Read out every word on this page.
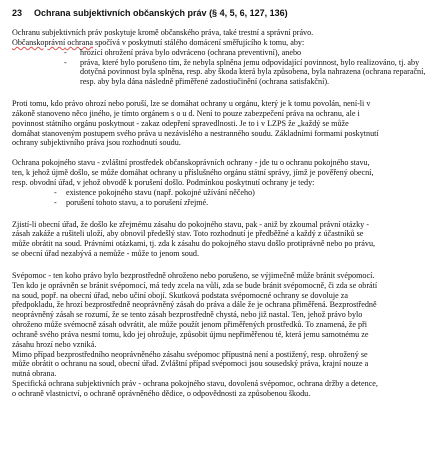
23 Ochrana subjektivních občanských práv (§ 4, 5, 6, 127, 136)

Ochranu subjektivních práv poskytuje kromě občanského práva, také trestní a správní právo.

Občanskoprávní ochrana spočívá v poskytnutí stálého domácení směřujícího k tomu, aby:

- hrozící ohrožení práva bylo odvráceno (ochrana preventivní), anebo
- práva, které bylo porušeno tím, že nebyla splněna jemu odpovídající povinnost, bylo realizováno, tj. aby dotyčná povinnost byla splněna, resp. aby škoda která byla způsobena, byla nahrazena (ochrana reparační, resp. aby byla dána následně přiměřené zadostiučinění (ochrana satisfakční).

Proti tomu, kdo právo ohrozí nebo poruší, lze se domáhat ochrany u orgánu, který je k tomu povolán, není-li v

zákoně stanoveno něco jiného, je tímto orgánem s o u d. Není to pouze zabezpečení práva na ochranu, ale i

povinnost státního orgánu poskytnout - zakaz odepření spravedlnosti. Je to i v LZPS že „každý se může

domáhat stanoveným postupem svého práva u nezávislého a nestranného soudu. Základními formami poskytnutí

ochrany subjektivního práva jsou rozhodnutí soudu.

Ochrana pokojného stavu - zvláštní prostředek občanskoprávních ochrany - jde tu o ochranu pokojného stavu,

ten, k jehož újmě došlo, se může domáhat ochrany u příslušného orgánu státní správy, jímž je pověřený obecní,

resp. obvodní úřad, v jehož obvodě k porušení došlo. Podmínkou poskytnutí ochrany je tedy:

- existence pokojného stavu (např. pokojné užívání něčeho)
- porušení tohoto stavu, a to porušení zřejmé.

Zjistí-li obecní úřad, že došlo ke zřejmému zásahu do pokojného stavu, pak - aniž by zkoumal právní otázky -

zásah zakáže a rušiteli uloží, aby obnovil předešlý stav. Toto rozhodnutí je předběžné a každý z účastníků se

může obrátit na soud. Právními otázkami, tj. zda k zásahu do pokojného stavu došlo protiprávně nebo po právu,

se obecní úřad nezabývá a nemůže - může to jenom soud.

Svépomoc - ten koho právo bylo bezprostředně ohroženo nebo porušeno, se výjimečně může bránit svépomocí.

Ten kdo je oprávněn se bránit svépomocí, má tedy zcela na vůli, zda se bude bránit svépomocně, či zda se obrátí

na soud, popř. na obecní úřad, nebo učiní obojí. Skutková podstata svépomocné ochrany se dovoluje za

předpokladu, že hrozí bezprostředně neoprávněný zásah do práva a dále že je ochrana přiměřená. Bezprostředně

neoprávněný zásah se rozumí, že se tento zásah bezprostředně chystá, nebo již nastal. Ten, jehož právo bylo

ohroženo může svémocně zásah odvrátit, ale může použít jenom přiměřených prostředků. To znamená, že při

ochraně svého práva nesmí tomu, kdo jej ohrožuje, způsobit újmu nepřiměřenou té, která jemu samotnému ze

zásahu hrozí nebo vzniká.

Mimo případ bezprostředního neoprávněného zásahu svépomoc přípustná není a postižený, resp. ohrožený se

může obrátit o ochranu na soud, obecní úřad. Zvláštní případ svépomoci jsou sousedský práva, krajní nouze a

nutná obrana.

Specifická ochrana subjektivních práv - ochrana pokojného stavu, dovolená svépomoc, ochrana držby a detence,

o ochraně vlastnictví, o ochraně oprávněného dědice, o odpovědnosti za způsobenou škodu.
